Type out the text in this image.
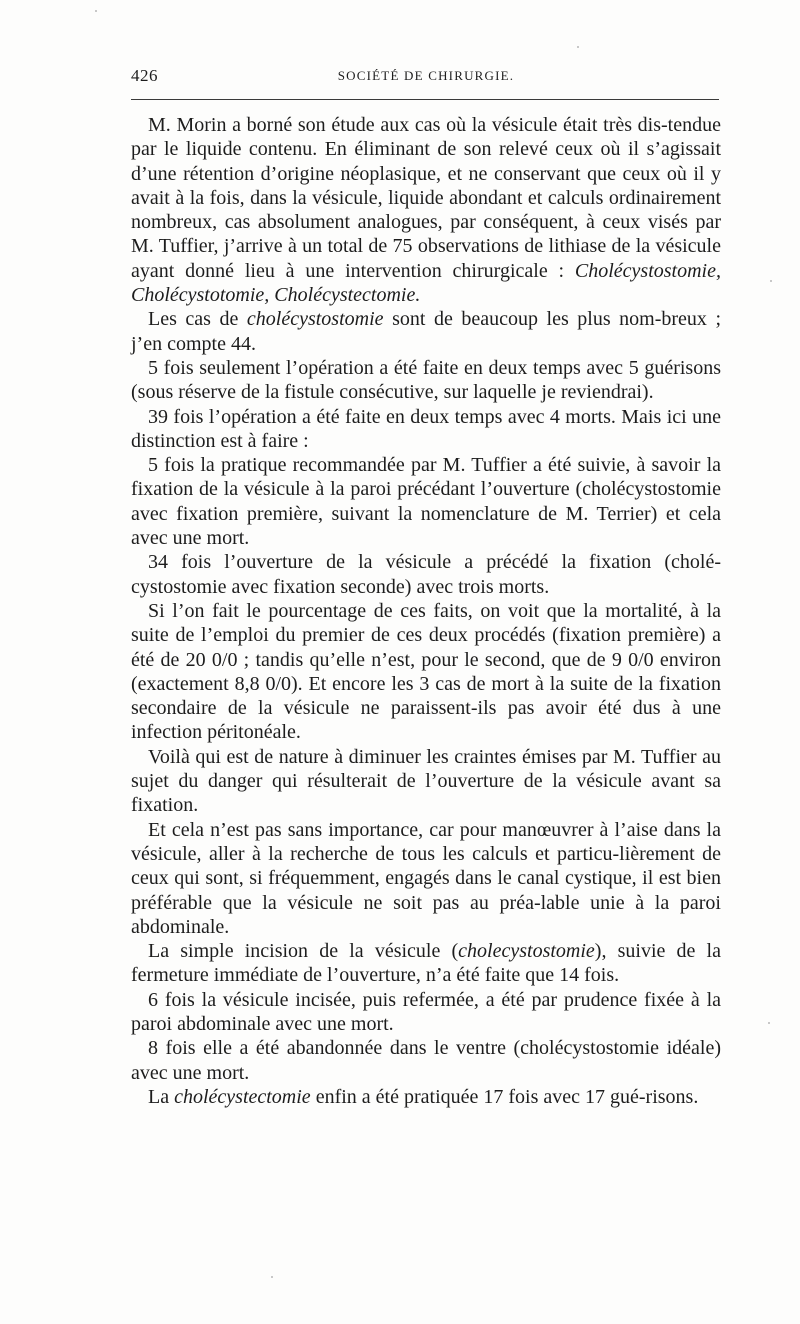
426	SOCIÉTÉ DE CHIRURGIE.

M. Morin a borné son étude aux cas où la vésicule était très dis-tendue par le liquide contenu. En éliminant de son relevé ceux où il s’agissait d’une rétention d’origine néoplasique, et ne conservant que ceux où il y avait à la fois, dans la vésicule, liquide abondant et calculs ordinairement nombreux, cas absolument analogues, par conséquent, à ceux visés par M. Tuffier, j’arrive à un total de 75 observations de lithiase de la vésicule ayant donné lieu à une intervention chirurgicale : Cholécystostomie, Cholécystotomie, Cholécystectomie.

Les cas de cholécystostomie sont de beaucoup les plus nom-breux ; j’en compte 44.

5 fois seulement l’opération a été faite en deux temps avec 5 guérisons (sous réserve de la fistule consécutive, sur laquelle je reviendrai).

39 fois l’opération a été faite en deux temps avec 4 morts. Mais ici une distinction est à faire :

5 fois la pratique recommandée par M. Tuffier a été suivie, à savoir la fixation de la vésicule à la paroi précédant l’ouverture (cholécystostomie avec fixation première, suivant la nomenclature de M. Terrier) et cela avec une mort.

34 fois l’ouverture de la vésicule a précédé la fixation (cholé-cystostomie avec fixation seconde) avec trois morts.

Si l’on fait le pourcentage de ces faits, on voit que la mortalité, à la suite de l’emploi du premier de ces deux procédés (fixation première) a été de 20 0/0 ; tandis qu’elle n’est, pour le second, que de 9 0/0 environ (exactement 8,8 0/0). Et encore les 3 cas de mort à la suite de la fixation secondaire de la vésicule ne paraissent-ils pas avoir été dus à une infection péritonéale.

Voilà qui est de nature à diminuer les craintes émises par M. Tuffier au sujet du danger qui résulterait de l’ouverture de la vésicule avant sa fixation.

Et cela n’est pas sans importance, car pour manœuvrer à l’aise dans la vésicule, aller à la recherche de tous les calculs et particu-lièrement de ceux qui sont, si fréquemment, engagés dans le canal cystique, il est bien préférable que la vésicule ne soit pas au préa-lable unie à la paroi abdominale.

La simple incision de la vésicule (cholecystostomie), suivie de la fermeture immédiate de l’ouverture, n’a été faite que 14 fois.

6 fois la vésicule incisée, puis refermée, a été par prudence fixée à la paroi abdominale avec une mort.

8 fois elle a été abandonnée dans le ventre (cholécystostomie idéale) avec une mort.

La cholécystectomie enfin a été pratiquée 17 fois avec 17 gué-risons.
